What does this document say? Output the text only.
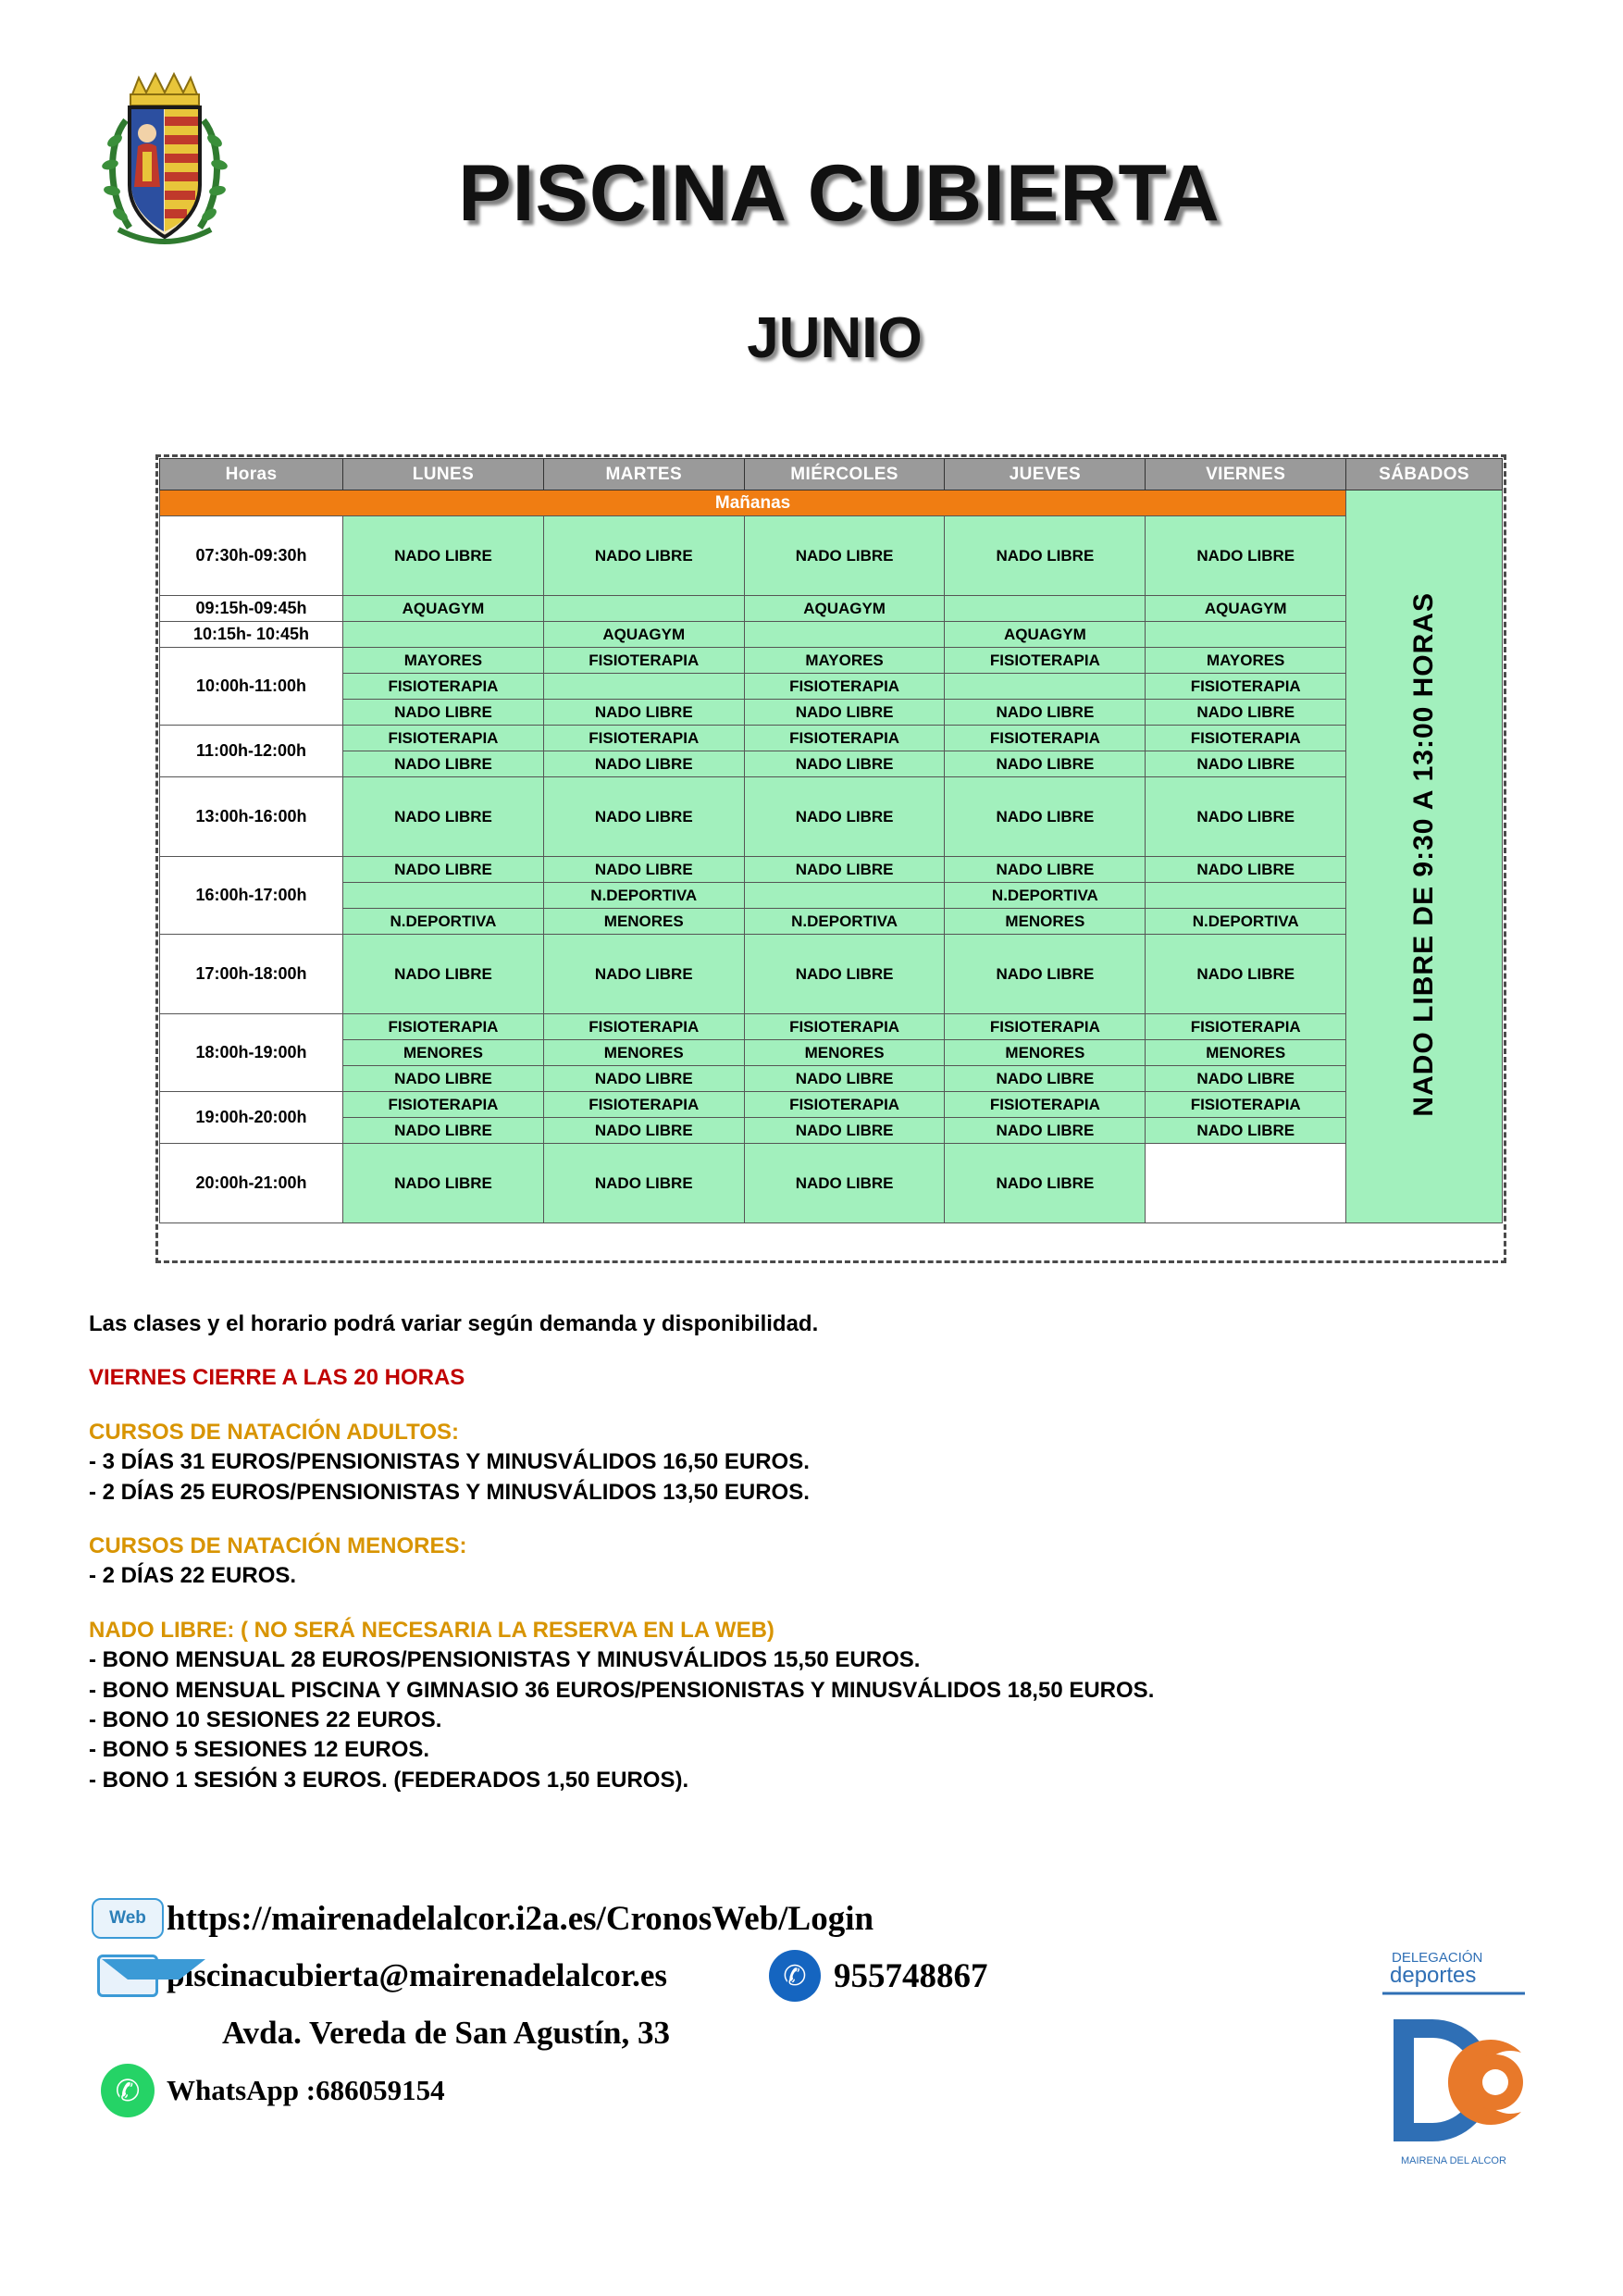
PISCINA CUBIERTA
JUNIO
Horas	LUNES	MARTES	MIÉRCOLES	JUEVES	VIERNES	SÁBADOS
Mañanas						NADO LIBRE DE 9:30 A 13:00 HORAS
07:30h-09:30h	NADO LIBRE	NADO LIBRE	NADO LIBRE	NADO LIBRE	NADO LIBRE	
09:15h-09:45h	AQUAGYM		AQUAGYM		AQUAGYM	
10:15h- 10:45h		AQUAGYM		AQUAGYM		
10:00h-11:00h	MAYORES	FISIOTERAPIA	MAYORES	FISIOTERAPIA	MAYORES	
	FISIOTERAPIA		FISIOTERAPIA		FISIOTERAPIA	
	NADO LIBRE	NADO LIBRE	NADO LIBRE	NADO LIBRE	NADO LIBRE	
11:00h-12:00h	FISIOTERAPIA	FISIOTERAPIA	FISIOTERAPIA	FISIOTERAPIA	FISIOTERAPIA	
	NADO LIBRE	NADO LIBRE	NADO LIBRE	NADO LIBRE	NADO LIBRE	
13:00h-16:00h	NADO LIBRE	NADO LIBRE	NADO LIBRE	NADO LIBRE	NADO LIBRE	
16:00h-17:00h	NADO LIBRE	NADO LIBRE	NADO LIBRE	NADO LIBRE	NADO LIBRE	
		N.DEPORTIVA		N.DEPORTIVA		
	N.DEPORTIVA	MENORES	N.DEPORTIVA	MENORES	N.DEPORTIVA	
17:00h-18:00h	NADO LIBRE	NADO LIBRE	NADO LIBRE	NADO LIBRE	NADO LIBRE	
18:00h-19:00h	FISIOTERAPIA	FISIOTERAPIA	FISIOTERAPIA	FISIOTERAPIA	FISIOTERAPIA	
	MENORES	MENORES	MENORES	MENORES	MENORES	
	NADO LIBRE	NADO LIBRE	NADO LIBRE	NADO LIBRE	NADO LIBRE	
19:00h-20:00h	FISIOTERAPIA	FISIOTERAPIA	FISIOTERAPIA	FISIOTERAPIA	FISIOTERAPIA	
	NADO LIBRE	NADO LIBRE	NADO LIBRE	NADO LIBRE	NADO LIBRE	
20:00h-21:00h	NADO LIBRE	NADO LIBRE	NADO LIBRE	NADO LIBRE		
Las clases y el horario podrá variar según demanda y disponibilidad.
VIERNES CIERRE A LAS 20 HORAS
CURSOS DE NATACIÓN ADULTOS:
- 3 DÍAS 31 EUROS/PENSIONISTAS Y MINUSVÁLIDOS 16,50 EUROS.
- 2 DÍAS 25 EUROS/PENSIONISTAS Y MINUSVÁLIDOS 13,50 EUROS.
CURSOS DE NATACIÓN MENORES:
- 2 DÍAS 22 EUROS.
NADO LIBRE: ( NO SERÁ NECESARIA LA RESERVA EN LA WEB)
- BONO MENSUAL 28 EUROS/PENSIONISTAS Y MINUSVÁLIDOS 15,50 EUROS.
- BONO MENSUAL PISCINA Y GIMNASIO 36 EUROS/PENSIONISTAS Y MINUSVÁLIDOS 18,50 EUROS.
- BONO 10 SESIONES 22 EUROS.
- BONO 5 SESIONES 12 EUROS.
- BONO 1 SESIÓN 3 EUROS. (FEDERADOS 1,50 EUROS).
Web https://mairenadelalcor.i2a.es/CronosWeb/Login
piscinacubierta@mairenadelalcor.es	✆ 955748867
Avda. Vereda de San Agustín, 33
✆ WhatsApp :686059154
DELEGACIÓN
deportes
MAIRENA DEL ALCOR
